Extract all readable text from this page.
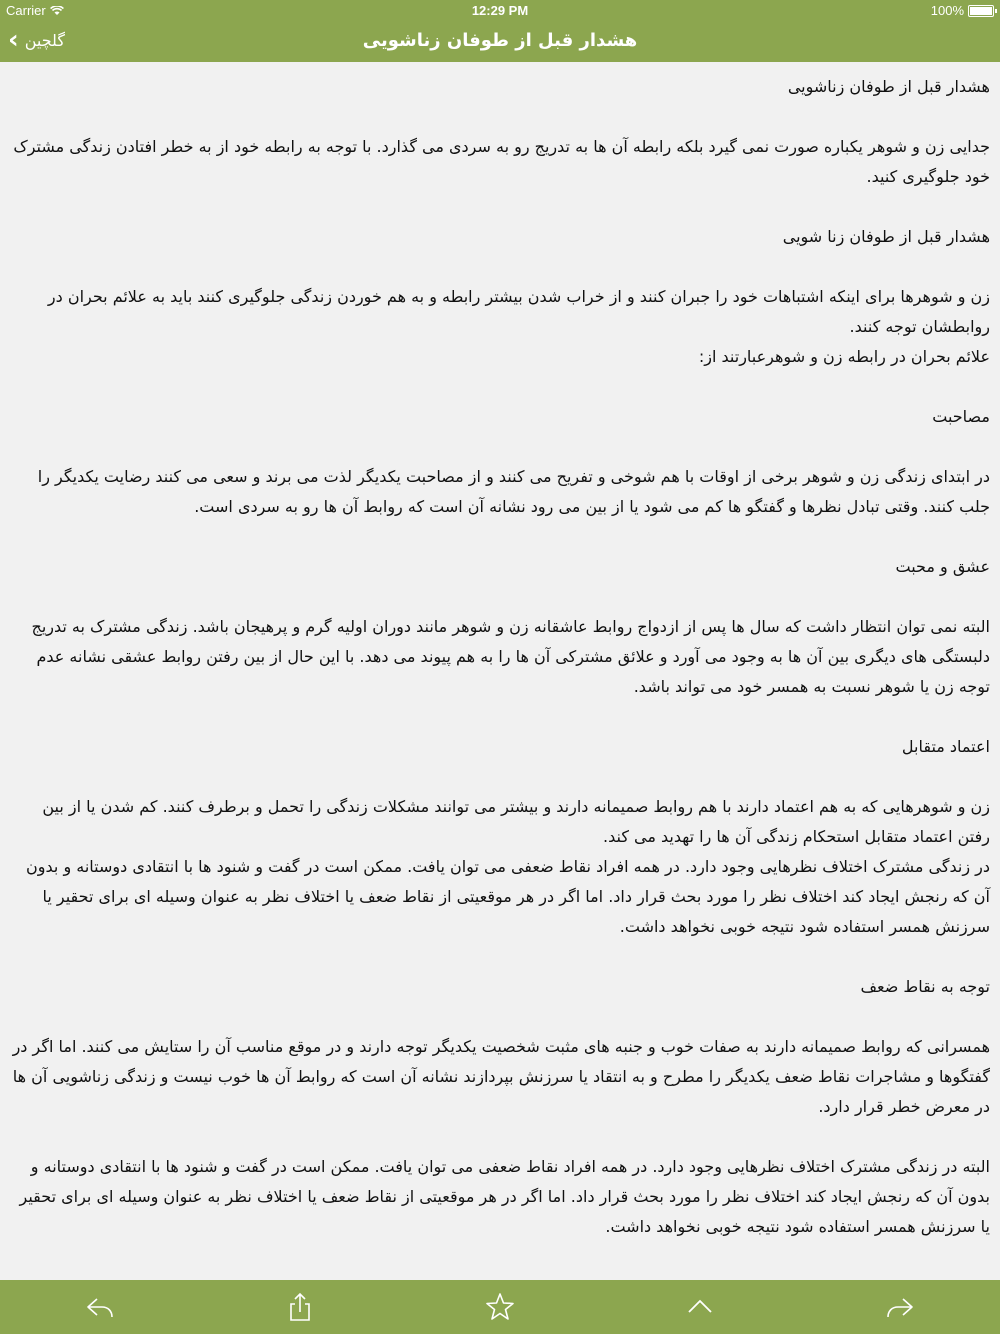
Carrier	12:29 PM	100%
‹ گلچین	هشدار قبل از طوفان زناشویی

هشدار قبل از طوفان زناشویی

جدایی زن و شوهر یکباره صورت نمی گیرد بلکه رابطه آن ها به تدریج رو به سردی می گذارد. با توجه به رابطه خود از به خطر افتادن زندگی مشترک خود جلوگیری کنید.

هشدار قبل از طوفان زنا شویی

زن و شوهرها برای اینکه اشتباهات خود را جبران کنند و از خراب شدن بیشتر رابطه و به هم خوردن زندگی جلوگیری کنند باید به علائم بحران در روابطشان توجه کنند.

علائم بحران در رابطه زن و شوهرعبارتند از:

مصاحبت

در ابتدای زندگی زن و شوهر برخی از اوقات با هم شوخی و تفریح می کنند و از مصاحبت یکدیگر لذت می برند و سعی می کنند رضایت یکدیگر را جلب کنند. وقتی تبادل نظرها و گفتگو ها کم می شود یا از بین می رود نشانه آن است که روابط آن ها رو به سردی است.

عشق و محبت

البته نمی توان انتظار داشت که سال ها پس از ازدواج روابط عاشقانه زن و شوهر مانند دوران اولیه گرم و پرهیجان باشد. زندگی مشترک به تدریج دلبستگی های دیگری بین آن ها به وجود می آورد و علائق مشترکی آن ها را به هم پیوند می دهد. با این حال از بین رفتن روابط عشقی نشانه عدم توجه زن یا شوهر نسبت به همسر خود می تواند باشد.

اعتماد متقابل

زن و شوهرهایی که به هم اعتماد دارند با هم روابط صمیمانه دارند و بیشتر می توانند مشکلات زندگی را تحمل و برطرف کنند. کم شدن یا از بین رفتن اعتماد متقابل استحکام زندگی آن ها را تهدید می کند.

در زندگی مشترک اختلاف نظرهایی وجود دارد. در همه افراد نقاط ضعفی می توان یافت. ممکن است در گفت و شنود ها با انتقادی دوستانه و بدون آن که رنجش ایجاد کند اختلاف نظر را مورد بحث قرار داد. اما اگر در هر موقعیتی از نقاط ضعف یا اختلاف نظر به عنوان وسیله ای برای تحقیر یا سرزنش همسر استفاده شود نتیجه خوبی نخواهد داشت.

توجه به نقاط ضعف

همسرانی که روابط صمیمانه دارند به صفات خوب و جنبه های مثبت شخصیت یکدیگر توجه دارند و در موقع مناسب آن را ستایش می کنند. اما اگر در گفتگوها و مشاجرات نقاط ضعف یکدیگر را مطرح و به انتقاد یا سرزنش بپردازند نشانه آن است که روابط آن ها خوب نیست و زندگی زناشویی آن ها در معرض خطر قرار دارد.

البته در زندگی مشترک اختلاف نظرهایی وجود دارد. در همه افراد نقاط ضعفی می توان یافت. ممکن است در گفت و شنود ها با انتقادی دوستانه و بدون آن که رنجش ایجاد کند اختلاف نظر را مورد بحث قرار داد. اما اگر در هر موقعیتی از نقاط ضعف یا اختلاف نظر به عنوان وسیله ای برای تحقیر یا سرزنش همسر استفاده شود نتیجه خوبی نخواهد داشت.
